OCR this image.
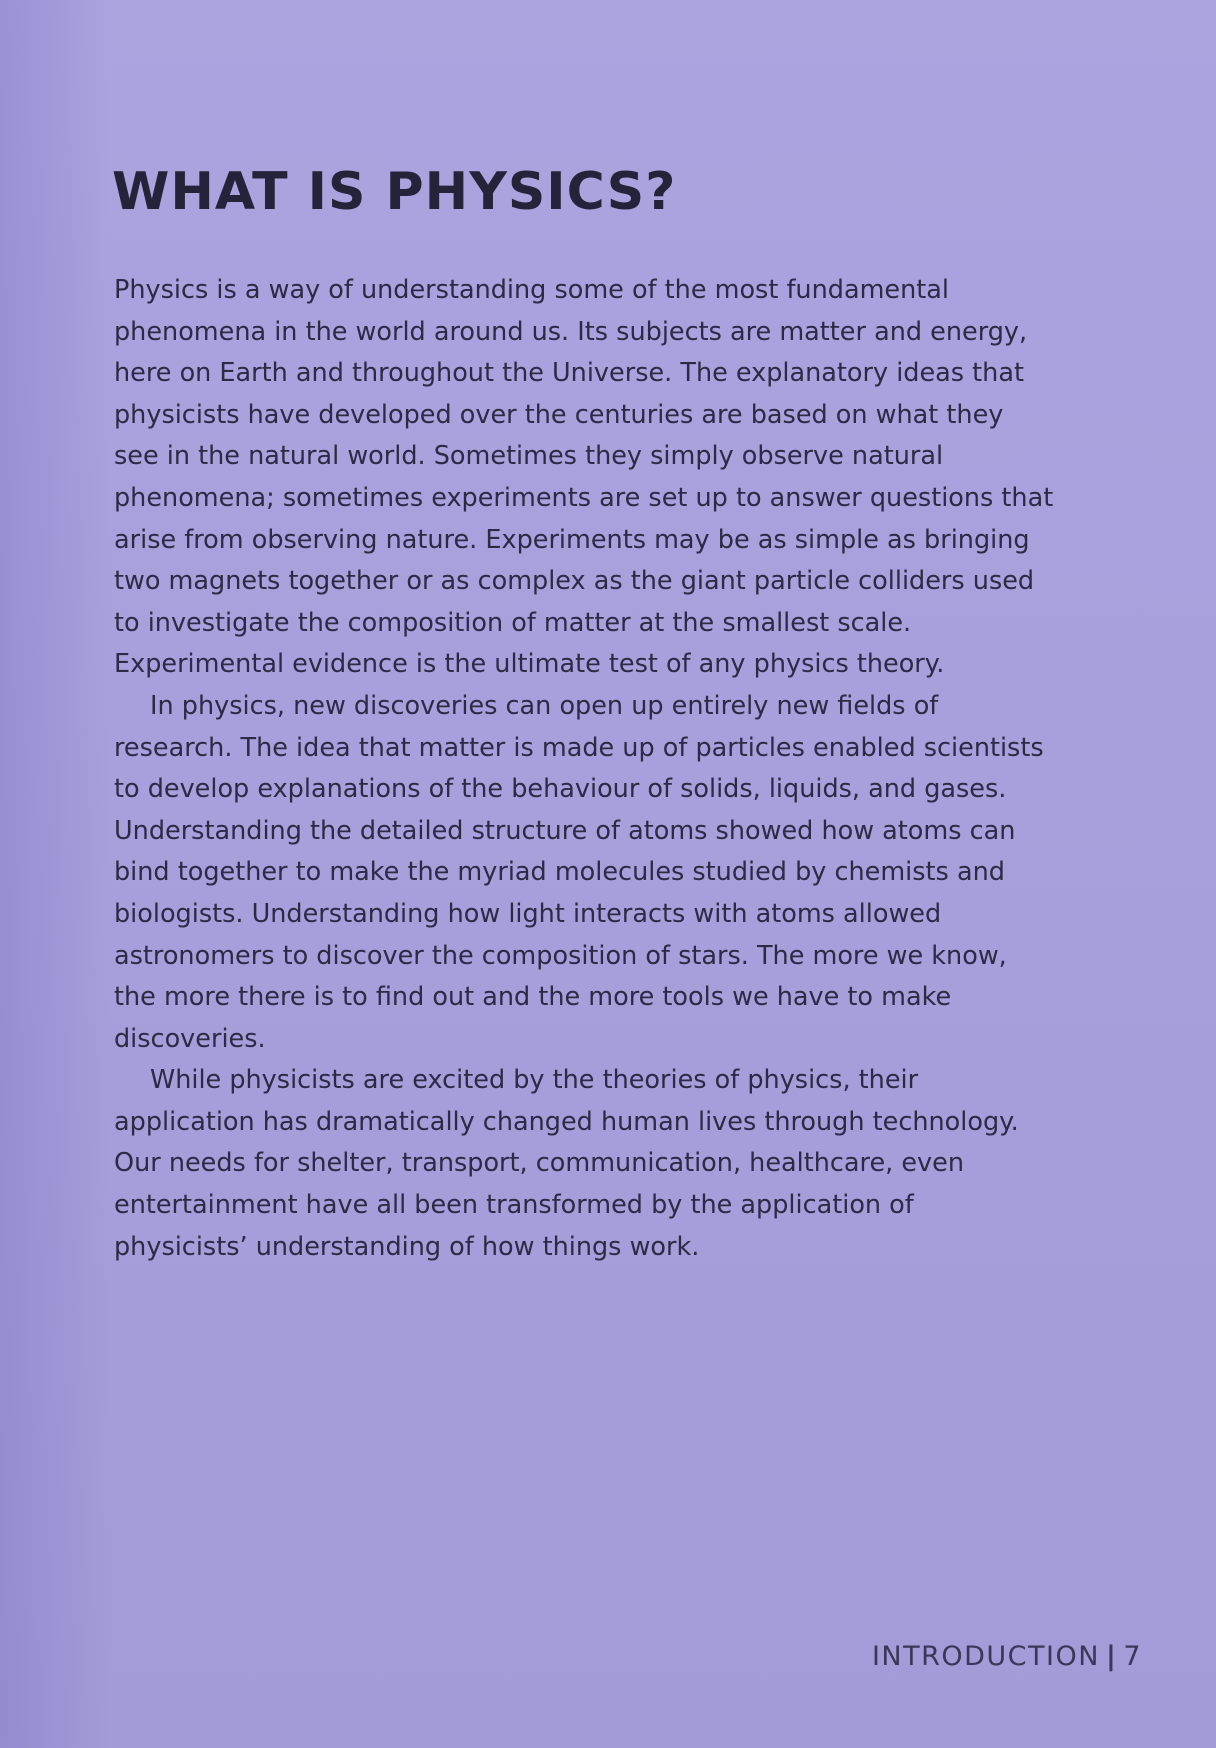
WHAT IS PHYSICS?

Physics is a way of understanding some of the most fundamental phenomena in the world around us. Its subjects are matter and energy, here on Earth and throughout the Universe. The explanatory ideas that physicists have developed over the centuries are based on what they see in the natural world. Sometimes they simply observe natural phenomena; sometimes experiments are set up to answer questions that arise from observing nature. Experiments may be as simple as bringing two magnets together or as complex as the giant particle colliders used to investigate the composition of matter at the smallest scale. Experimental evidence is the ultimate test of any physics theory.

In physics, new discoveries can open up entirely new fields of research. The idea that matter is made up of particles enabled scientists to develop explanations of the behaviour of solids, liquids, and gases. Understanding the detailed structure of atoms showed how atoms can bind together to make the myriad molecules studied by chemists and biologists. Understanding how light interacts with atoms allowed astronomers to discover the composition of stars. The more we know, the more there is to find out and the more tools we have to make discoveries.

While physicists are excited by the theories of physics, their application has dramatically changed human lives through technology. Our needs for shelter, transport, communication, healthcare, even entertainment have all been transformed by the application of physicists’ understanding of how things work.

INTRODUCTION | 7
